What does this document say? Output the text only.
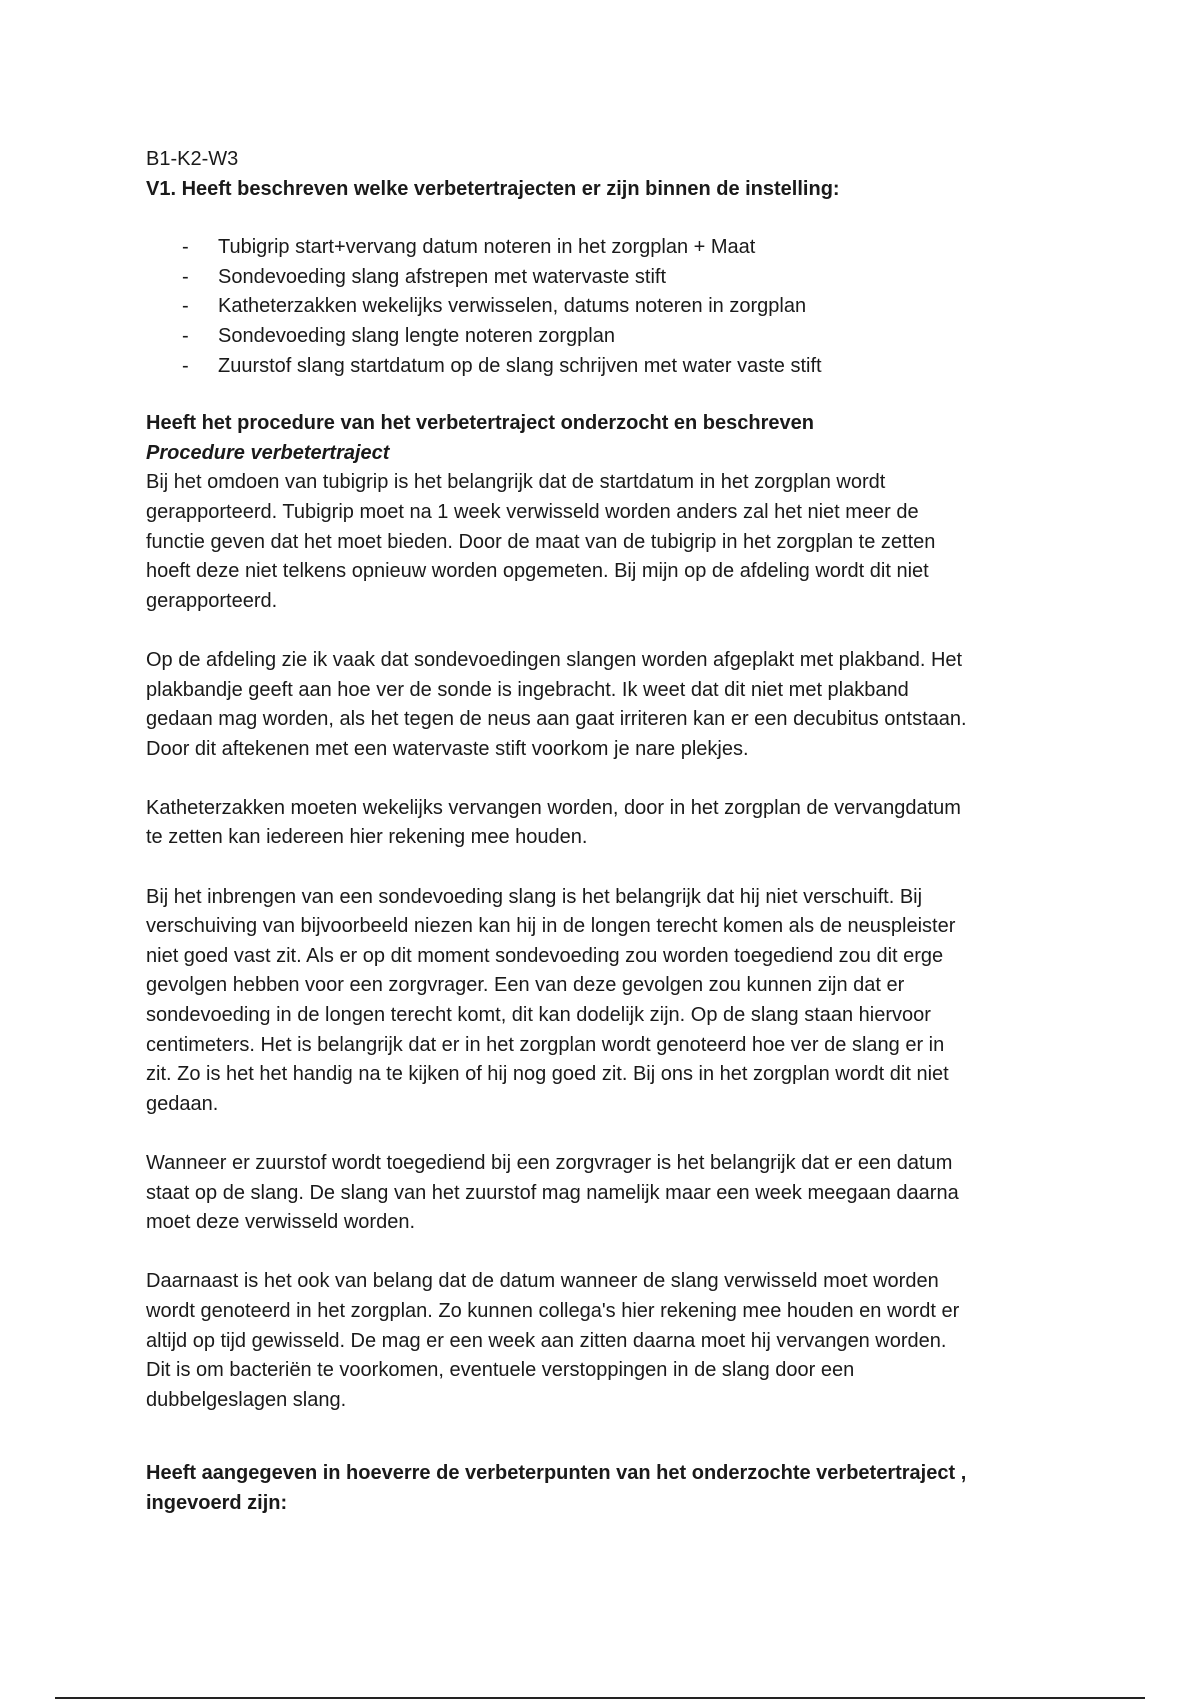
B1-K2-W3

V1. Heeft beschreven welke verbetertrajecten er zijn binnen de instelling:

- Tubigrip start+vervang datum noteren in het zorgplan + Maat
- Sondevoeding slang afstrepen met watervaste stift
- Katheterzakken wekelijks verwisselen, datums noteren in zorgplan
- Sondevoeding slang lengte noteren zorgplan
- Zuurstof slang startdatum op de slang schrijven met water vaste stift

Heeft het procedure van het verbetertraject onderzocht en beschreven

Procedure verbetertraject

Bij het omdoen van tubigrip is het belangrijk dat de startdatum in het zorgplan wordt
gerapporteerd. Tubigrip moet na 1 week verwisseld worden anders zal het niet meer de
functie geven dat het moet bieden. Door de maat van de tubigrip in het zorgplan te zetten
hoeft deze niet telkens opnieuw worden opgemeten. Bij mijn op de afdeling wordt dit niet
gerapporteerd.
Op de afdeling zie ik vaak dat sondevoedingen slangen worden afgeplakt met plakband. Het
plakbandje geeft aan hoe ver de sonde is ingebracht. Ik weet dat dit niet met plakband
gedaan mag worden, als het tegen de neus aan gaat irriteren kan er een decubitus ontstaan.
Door dit aftekenen met een watervaste stift voorkom je nare plekjes.
Katheterzakken moeten wekelijks vervangen worden, door in het zorgplan de vervangdatum
te zetten kan iedereen hier rekening mee houden.
Bij het inbrengen van een sondevoeding slang is het belangrijk dat hij niet verschuift. Bij
verschuiving van bijvoorbeeld niezen kan hij in de longen terecht komen als de neuspleister
niet goed vast zit. Als er op dit moment sondevoeding zou worden toegediend zou dit erge
gevolgen hebben voor een zorgvrager. Een van deze gevolgen zou kunnen zijn dat er
sondevoeding in de longen terecht komt, dit kan dodelijk zijn. Op de slang staan hiervoor
centimeters. Het is belangrijk dat er in het zorgplan wordt genoteerd hoe ver de slang er in
zit. Zo is het het handig na te kijken of hij nog goed zit. Bij ons in het zorgplan wordt dit niet
gedaan.
Wanneer er zuurstof wordt toegediend bij een zorgvrager is het belangrijk dat er een datum
staat op de slang. De slang van het zuurstof mag namelijk maar een week meegaan daarna
moet deze verwisseld worden.
Daarnaast is het ook van belang dat de datum wanneer de slang verwisseld moet worden
wordt genoteerd in het zorgplan. Zo kunnen collega's hier rekening mee houden en wordt er
altijd op tijd gewisseld. De mag er een week aan zitten daarna moet hij vervangen worden.
Dit is om bacteriën te voorkomen, eventuele verstoppingen in de slang door een
dubbelgeslagen slang.
Heeft aangegeven in hoeverre de verbeterpunten van het onderzochte verbetertraject ,
ingevoerd zijn:
